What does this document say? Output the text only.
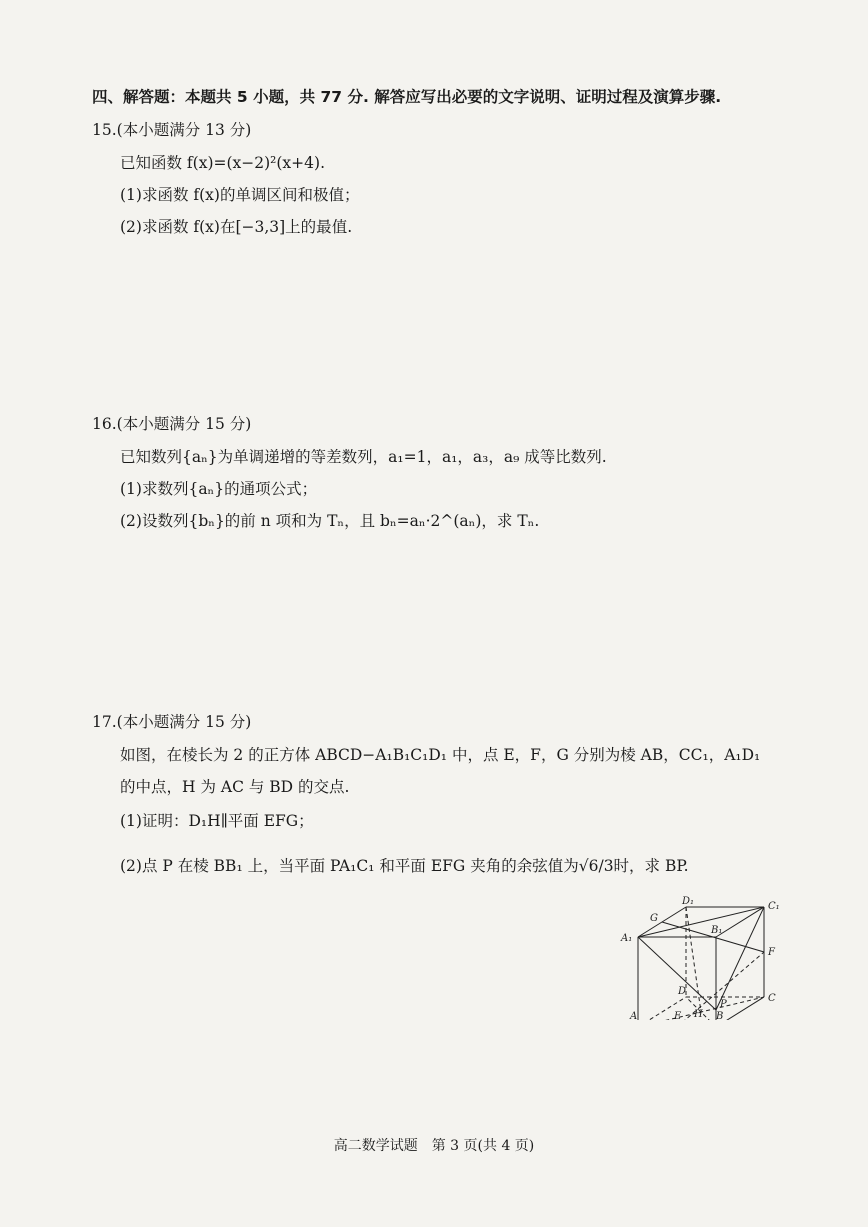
四、解答题：本题共 5 小题，共 77 分. 解答应写出必要的文字说明、证明过程及演算步骤.
15.(本小题满分 13 分)
已知函数 f(x)=(x−2)²(x+4).
(1)求函数 f(x)的单调区间和极值；
(2)求函数 f(x)在[−3,3]上的最值.
16.(本小题满分 15 分)
已知数列{aₙ}为单调递增的等差数列，a₁=1，a₁，a₃，a₉ 成等比数列.
(1)求数列{aₙ}的通项公式；
(2)设数列{bₙ}的前 n 项和为 Tₙ，且 bₙ=aₙ·2^(aₙ)，求 Tₙ.
17.(本小题满分 15 分)
如图，在棱长为 2 的正方体 ABCD−A₁B₁C₁D₁ 中，点 E，F，G 分别为棱 AB，CC₁，A₁D₁
的中点，H 为 AC 与 BD 的交点.
(1)证明：D₁H∥平面 EFG；
(2)点 P 在棱 BB₁ 上，当平面 PA₁C₁ 和平面 EFG 夹角的余弦值为√6/3时，求 BP.
G
D₁	C₁
A₁
B₁
F
D
P
C
A	E H B
高二数学试题　第 3 页(共 4 页)
